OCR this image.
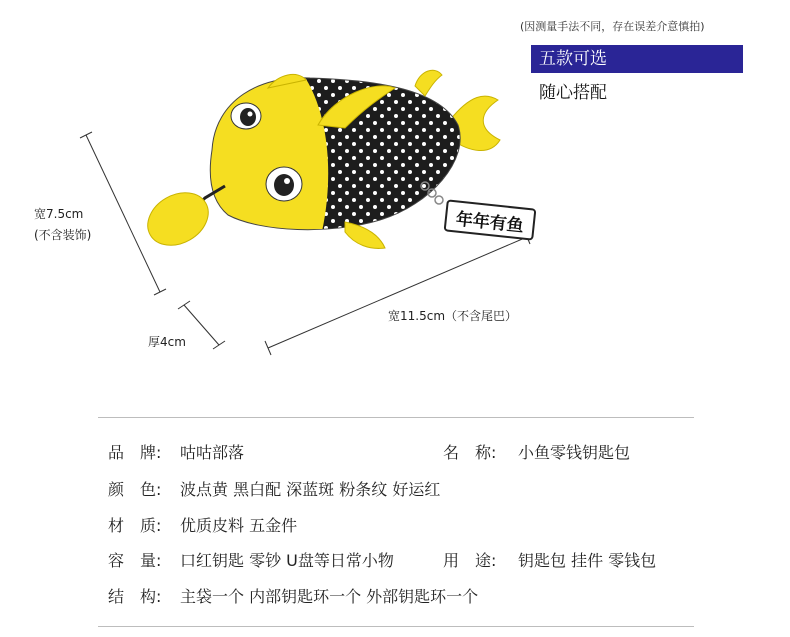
(因测量手法不同，存在误差介意慎拍)
五款可选
随心搭配
年年有鱼
宽7.5cm
(不含装饰)
厚4cm
宽11.5cm（不含尾巴）
品　牌: 咕咕部落	名　称: 小鱼零钱钥匙包
颜　色: 波点黄 黑白配 深蓝斑 粉条纹 好运红
材　质: 优质皮料 五金件
容　量: 口红钥匙 零钞 U盘等日常小物	用　途: 钥匙包 挂件 零钱包
结　构: 主袋一个 内部钥匙环一个 外部钥匙环一个
